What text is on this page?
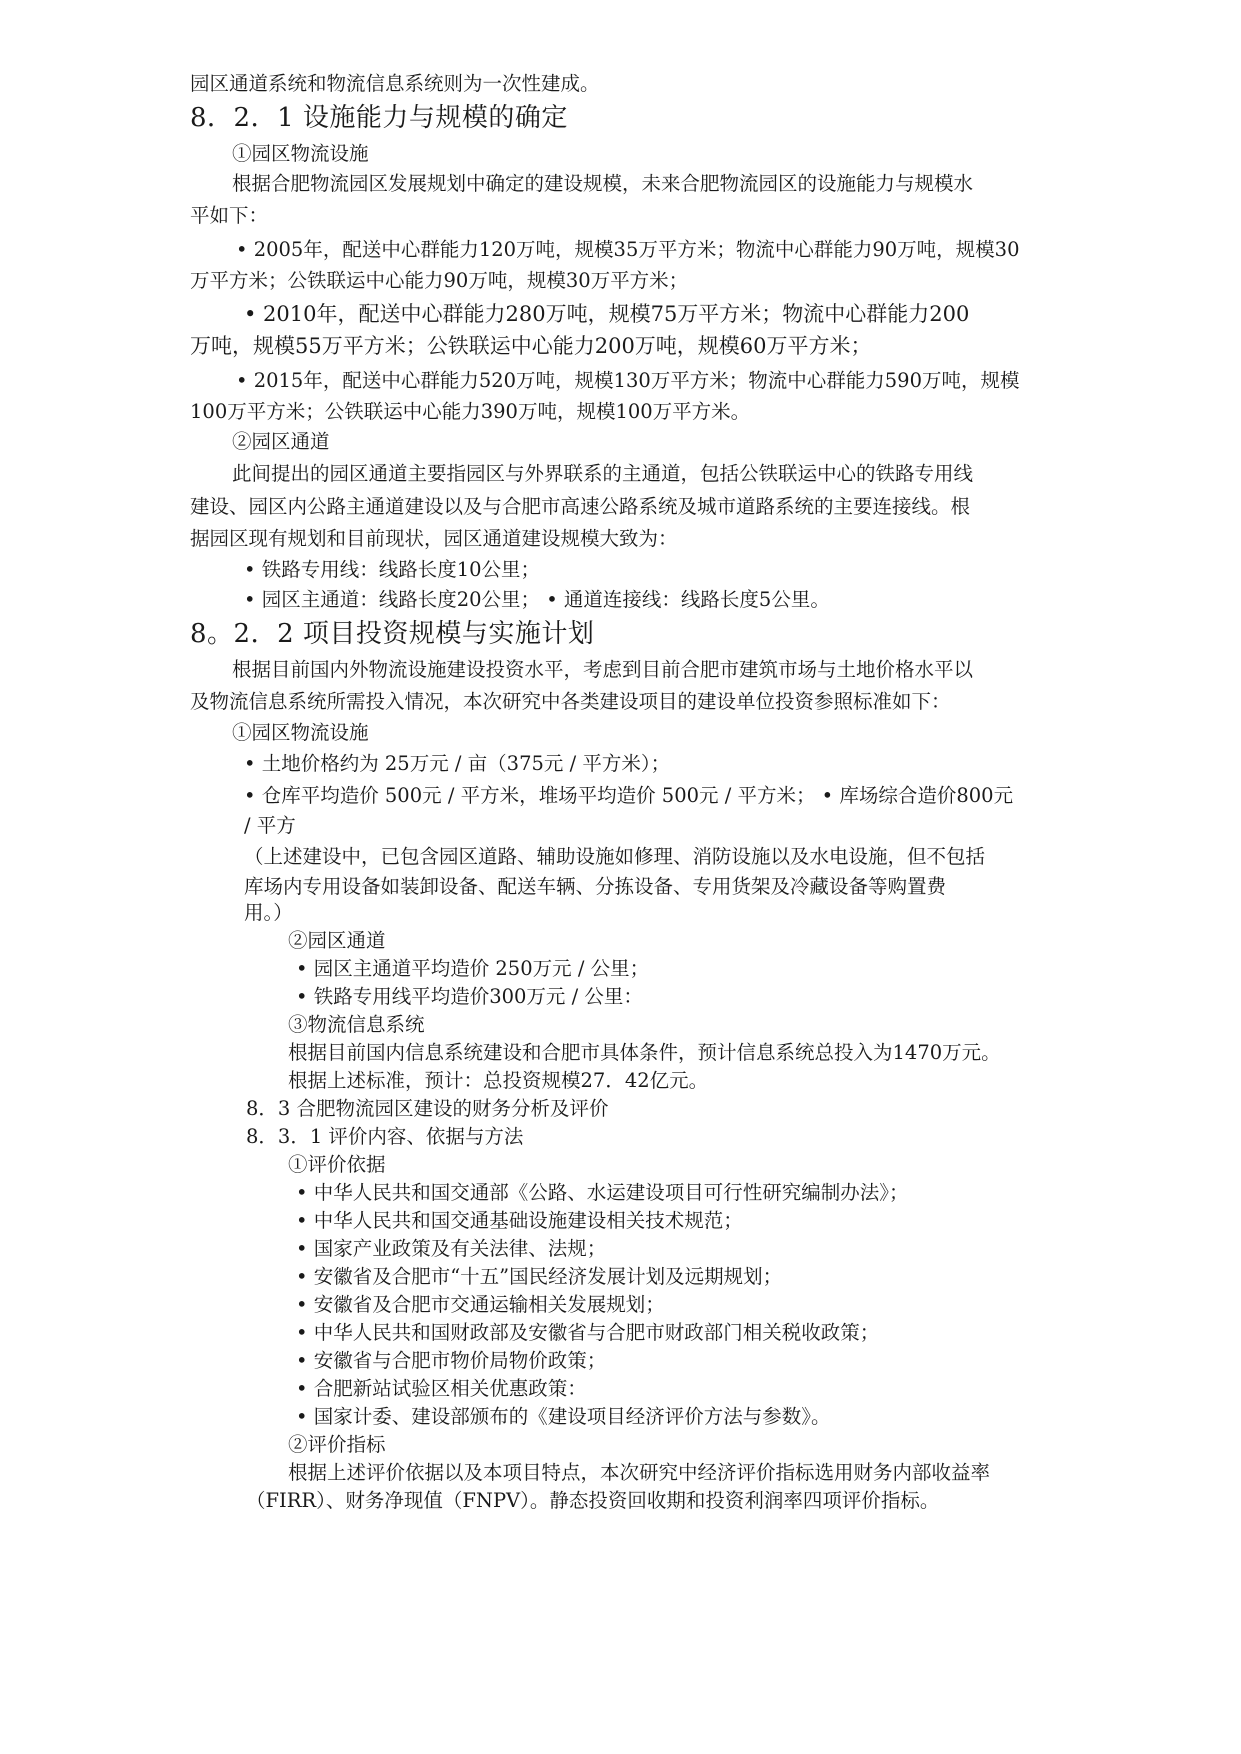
园区通道系统和物流信息系统则为一次性建成。
8．2．1 设施能力与规模的确定
①园区物流设施
根据合肥物流园区发展规划中确定的建设规模，未来合肥物流园区的设施能力与规模水
平如下：
• 2005年，配送中心群能力120万吨，规模35万平方米；物流中心群能力90万吨，规模30
万平方米；公铁联运中心能力90万吨，规模30万平方米；
• 2010年，配送中心群能力280万吨，规模75万平方米；物流中心群能力200
万吨，规模55万平方米；公铁联运中心能力200万吨，规模60万平方米；
• 2015年，配送中心群能力520万吨，规模130万平方米；物流中心群能力590万吨，规模
100万平方米；公铁联运中心能力390万吨，规模100万平方米。
②园区通道
此间提出的园区通道主要指园区与外界联系的主通道，包括公铁联运中心的铁路专用线
建设、园区内公路主通道建设以及与合肥市高速公路系统及城市道路系统的主要连接线。根
据园区现有规划和目前现状，园区通道建设规模大致为：
• 铁路专用线：线路长度10公里；
• 园区主通道：线路长度20公里； • 通道连接线：线路长度5公里。
8。2．2 项目投资规模与实施计划
根据目前国内外物流设施建设投资水平，考虑到目前合肥市建筑市场与土地价格水平以
及物流信息系统所需投入情况，本次研究中各类建设项目的建设单位投资参照标准如下：
①园区物流设施
• 土地价格约为 25万元 / 亩（375元 / 平方米）；
• 仓库平均造价 500元 / 平方米，堆场平均造价 500元 / 平方米； • 库场综合造价800元
/ 平方
（上述建设中，已包含园区道路、辅助设施如修理、消防设施以及水电设施，但不包括
库场内专用设备如装卸设备、配送车辆、分拣设备、专用货架及冷藏设备等购置费
用。）
②园区通道
• 园区主通道平均造价 250万元 / 公里；
• 铁路专用线平均造价300万元 / 公里：
③物流信息系统
根据目前国内信息系统建设和合肥市具体条件，预计信息系统总投入为1470万元。
根据上述标准，预计：总投资规模27．42亿元。
8．3 合肥物流园区建设的财务分析及评价
8．3．1 评价内容、依据与方法
①评价依据
• 中华人民共和国交通部《公路、水运建设项目可行性研究编制办法》；
• 中华人民共和国交通基础设施建设相关技术规范；
• 国家产业政策及有关法律、法规；
• 安徽省及合肥市“十五”国民经济发展计划及远期规划；
• 安徽省及合肥市交通运输相关发展规划；
• 中华人民共和国财政部及安徽省与合肥市财政部门相关税收政策；
• 安徽省与合肥市物价局物价政策；
• 合肥新站试验区相关优惠政策：
• 国家计委、建设部颁布的《建设项目经济评价方法与参数》。
②评价指标
根据上述评价依据以及本项目特点，本次研究中经济评价指标选用财务内部收益率
（FIRR）、财务净现值（FNPV）。静态投资回收期和投资利润率四项评价指标。
